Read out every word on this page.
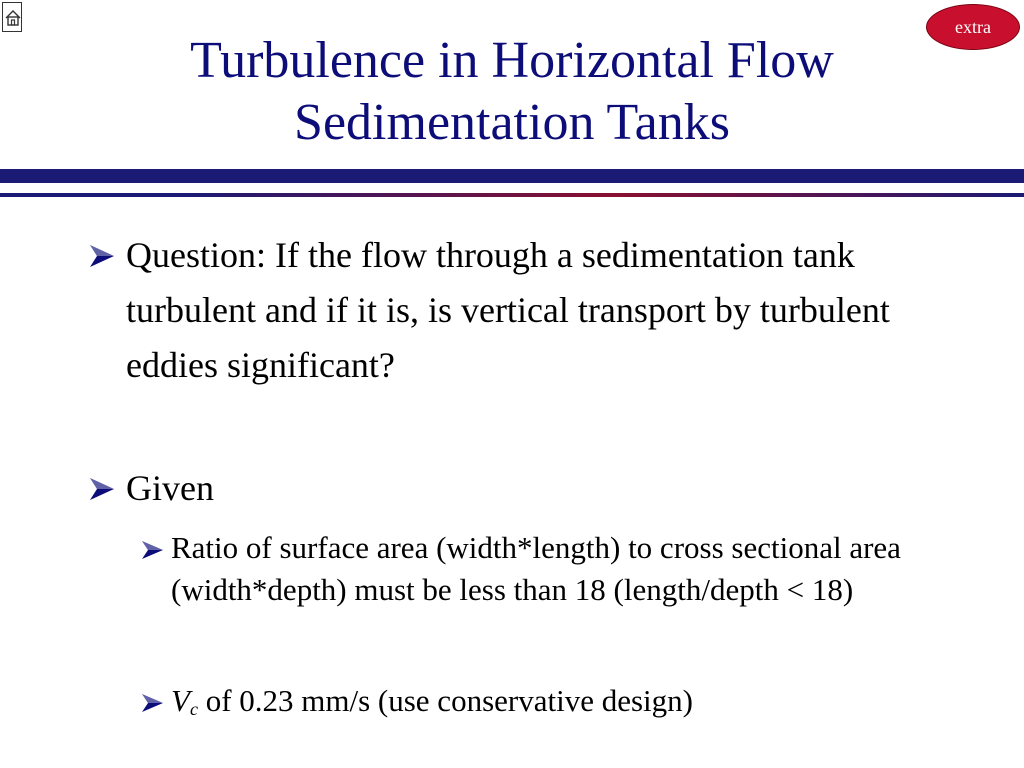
extra
Turbulence in Horizontal Flow
Sedimentation Tanks
Question: If the flow through a sedimentation tank turbulent and if it is, is vertical transport by turbulent eddies significant?
Given
Ratio of surface area (width*length) to cross sectional area (width*depth) must be less than 18 (length/depth < 18)
$V_c$ of 0.23 mm/s (use conservative design)
